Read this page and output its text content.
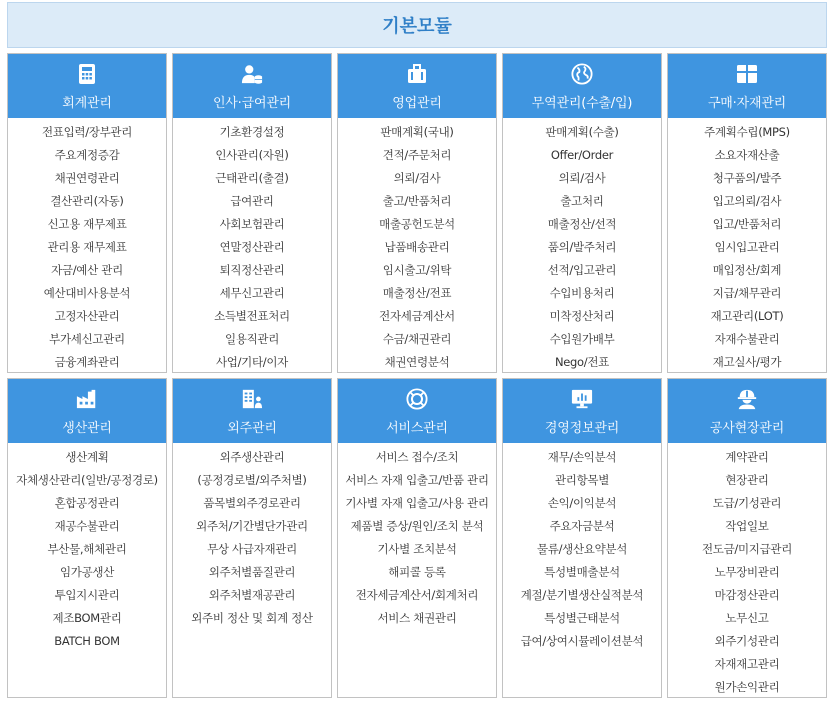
기본모듈
회계관리
전표입력/장부관리
주요계정증감
채권연령관리
결산관리(자동)
신고용 재무제표
관리용 재무제표
자금/예산 관리
예산대비사용분석
고정자산관리
부가세신고관리
금융계좌관리
인사·급여관리
기초환경설정
인사관리(자원)
근태관리(출결)
급여관리
사회보험관리
연말정산관리
퇴직정산관리
세무신고관리
소득별전표처리
일용직관리
사업/기타/이자
영업관리
판매계획(국내)
견적/주문처리
의뢰/검사
출고/반품처리
매출공헌도분석
납품배송관리
임시출고/위탁
매출정산/전표
전자세금계산서
수금/채권관리
채권연령분석
무역관리(수출/입)
판매계획(수출)
Offer/Order
의뢰/검사
출고처리
매출정산/선적
품의/발주처리
선적/입고관리
수입비용처리
미착정산처리
수입원가배부
Nego/전표
구매·자재관리
주계획수립(MPS)
소요자재산출
청구품의/발주
입고의뢰/검사
입고/반품처리
임시입고관리
매입정산/회계
지급/채무관리
재고관리(LOT)
자재수불관리
재고실사/평가
생산관리
생산계획
자체생산관리(일반/공정경로)
혼합공정관리
재공수불관리
부산물,해체관리
임가공생산
투입지시관리
제조BOM관리
BATCH BOM
외주관리
외주생산관리
(공정경로별/외주처별)
품목별외주경로관리
외주처/기간별단가관리
무상 사급자재관리
외주처별품질관리
외주처별재공관리
외주비 정산 및 회계 정산
서비스관리
서비스 접수/조치
서비스 자재 입출고/반품 관리
기사별 자재 입출고/사용 관리
제품별 증상/원인/조치 분석
기사별 조치분석
해피콜 등록
전자세금계산서/회계처리
서비스 채권관리
경영정보관리
재무/손익분석
관리항목별
손익/이익분석
주요자금분석
물류/생산요약분석
특성별매출분석
계절/분기별생산실적분석
특성별근태분석
급여/상여시뮬레이션분석
공사현장관리
계약관리
현장관리
도급/기성관리
작업일보
전도금/미지급관리
노무장비관리
마감정산관리
노무신고
외주기성관리
자재재고관리
원가손익관리
